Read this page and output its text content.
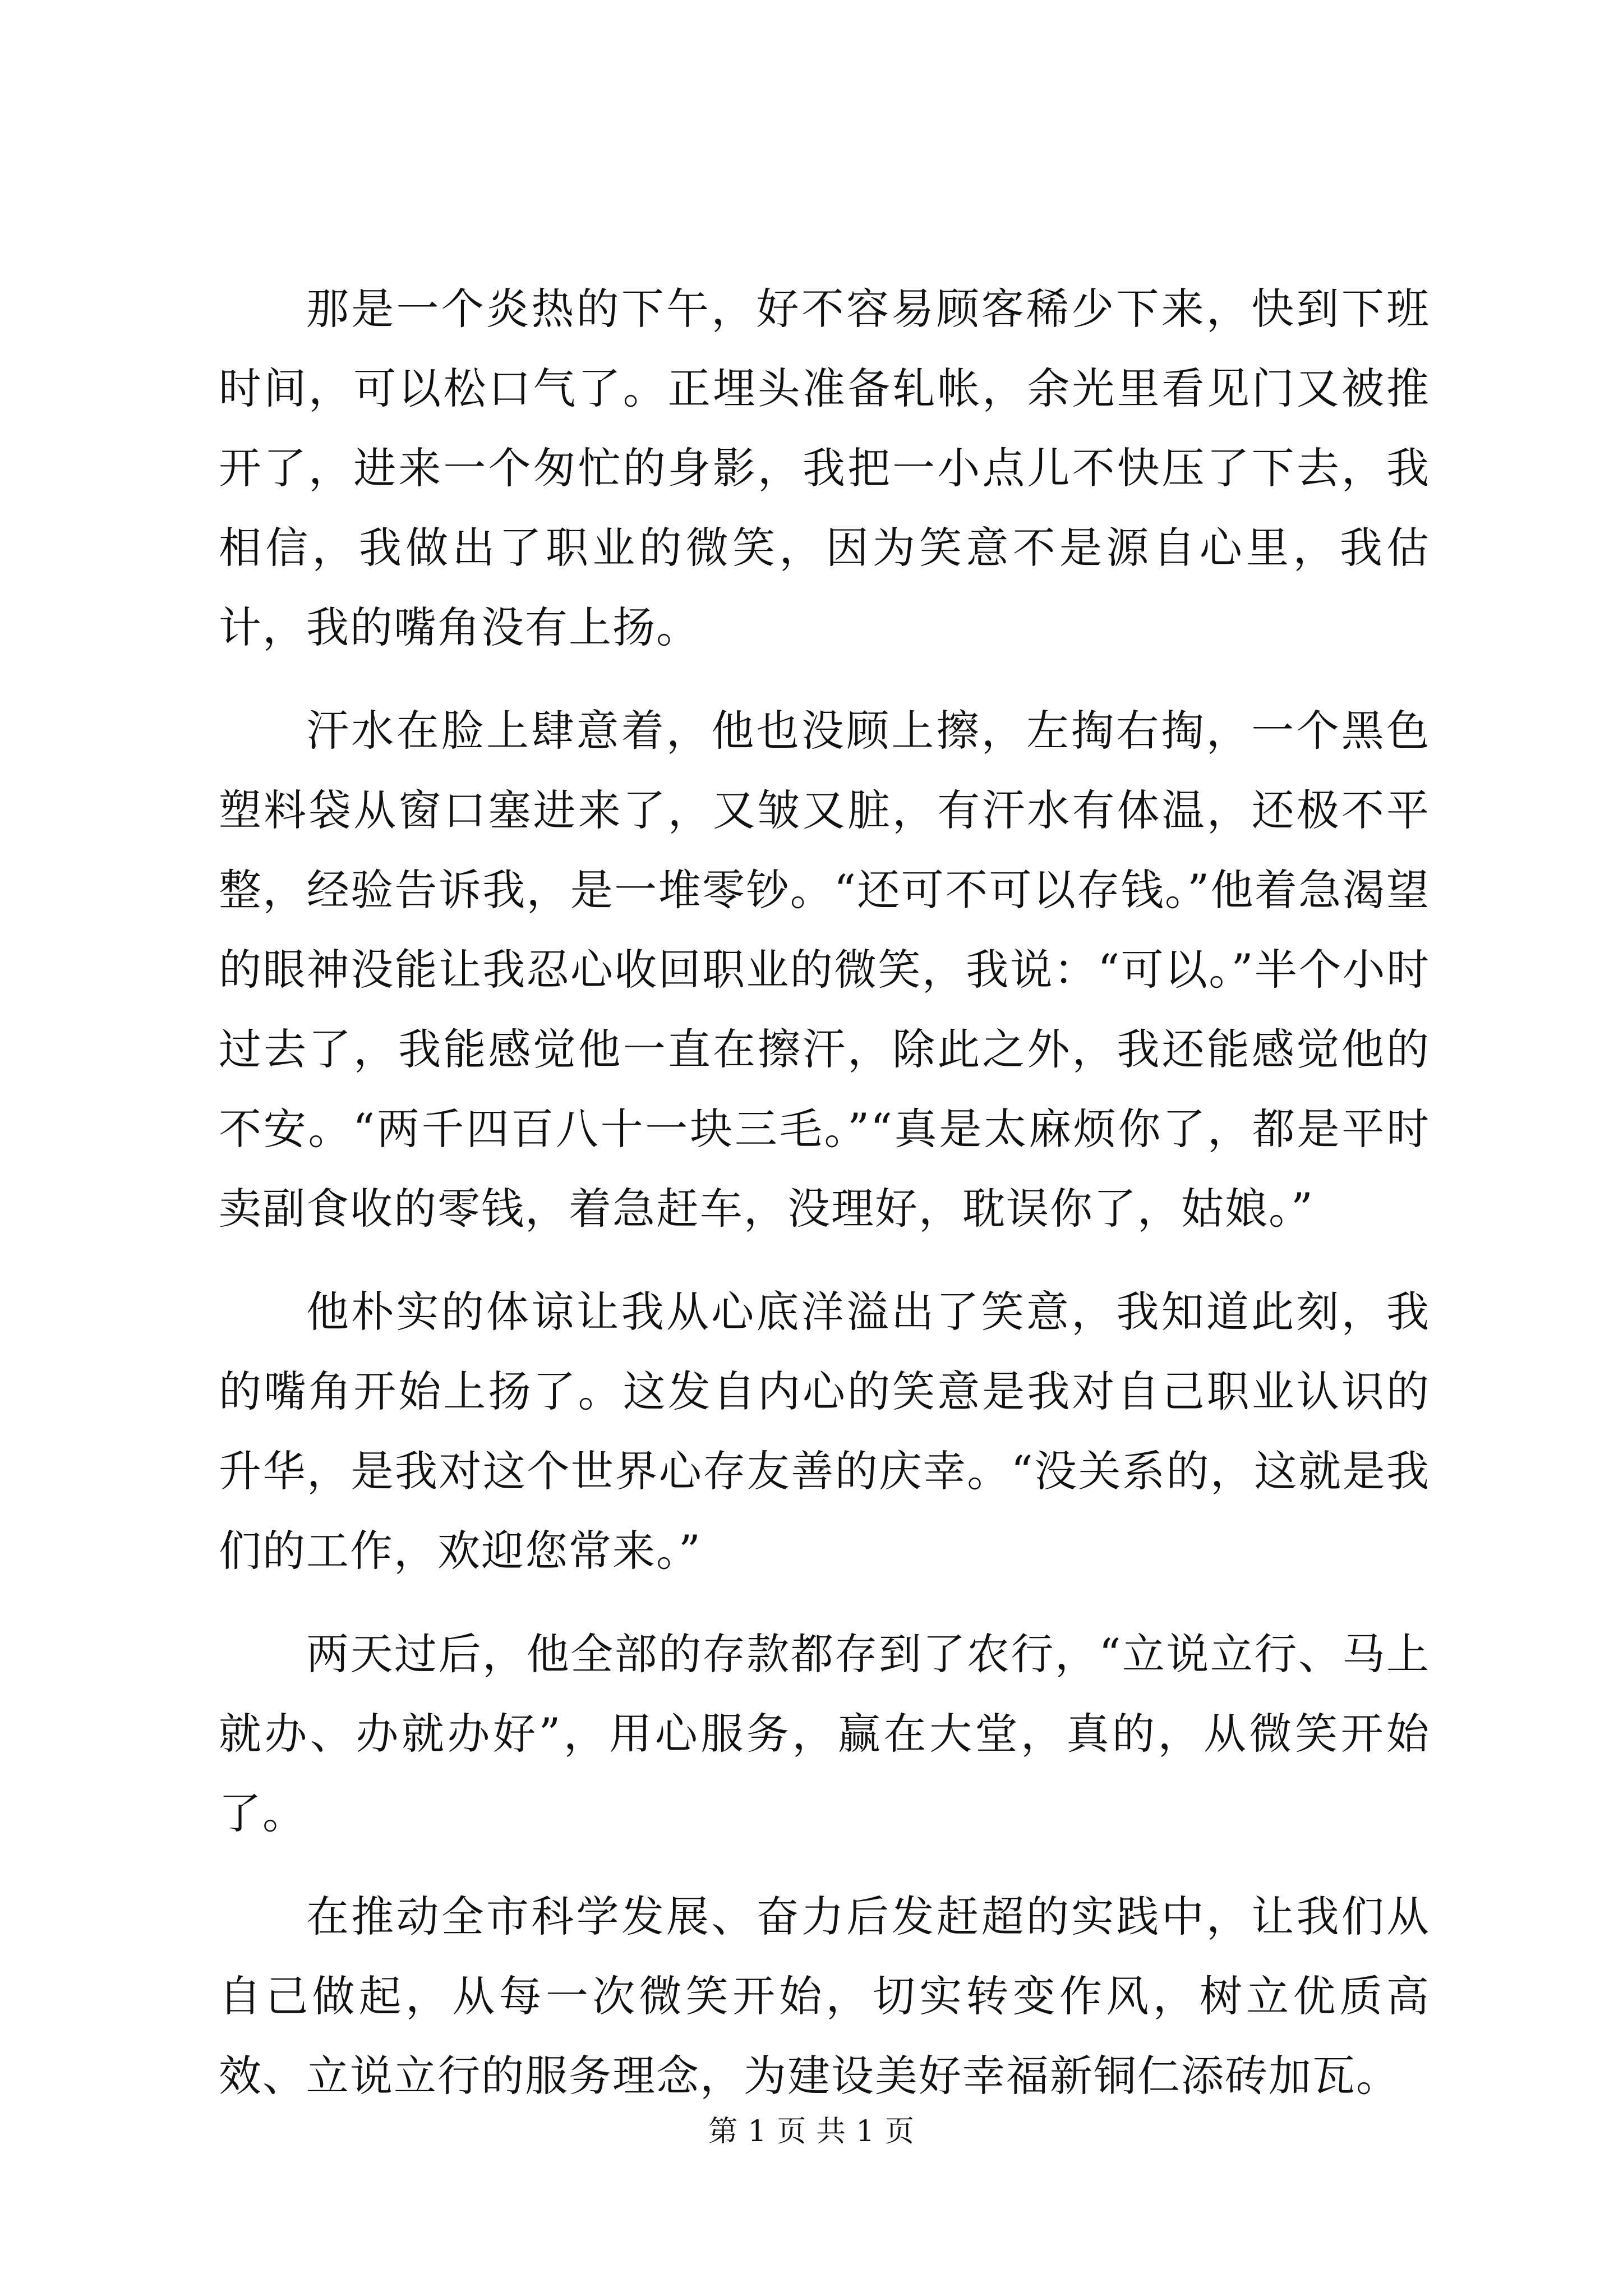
那是一个炎热的下午，好不容易顾客稀少下来，快到下班时间，可以松口气了。正埋头准备轧帐，余光里看见门又被推开了，进来一个匆忙的身影，我把一小点儿不快压了下去，我相信，我做出了职业的微笑，因为笑意不是源自心里，我估计，我的嘴角没有上扬。

汗水在脸上肆意着，他也没顾上擦，左掏右掏，一个黑色塑料袋从窗口塞进来了，又皱又脏，有汗水有体温，还极不平整，经验告诉我，是一堆零钞。“还可不可以存钱。”他着急渴望的眼神没能让我忍心收回职业的微笑，我说：“可以。”半个小时过去了，我能感觉他一直在擦汗，除此之外，我还能感觉他的不安。“两千四百八十一块三毛。”“真是太麻烦你了，都是平时卖副食收的零钱，着急赶车，没理好，耽误你了，姑娘。”

他朴实的体谅让我从心底洋溢出了笑意，我知道此刻，我的嘴角开始上扬了。这发自内心的笑意是我对自己职业认识的升华，是我对这个世界心存友善的庆幸。“没关系的，这就是我们的工作，欢迎您常来。”

两天过后，他全部的存款都存到了农行，“立说立行、马上就办、办就办好”，用心服务，赢在大堂，真的，从微笑开始了。

在推动全市科学发展、奋力后发赶超的实践中，让我们从自己做起，从每一次微笑开始，切实转变作风，树立优质高效、立说立行的服务理念，为建设美好幸福新铜仁添砖加瓦。

第 1 页 共 1 页
